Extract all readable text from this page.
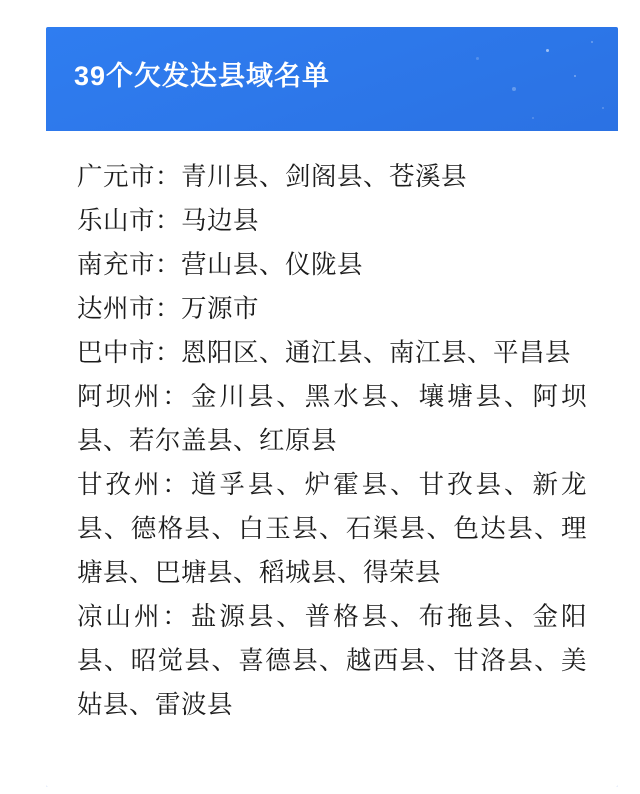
39个欠发达县域名单
广元市：青川县、剑阁县、苍溪县
乐山市：马边县
南充市：营山县、仪陇县
达州市：万源市
巴中市：恩阳区、通江县、南江县、平昌县
阿坝州：金川县、黑水县、壤塘县、阿坝县、若尔盖县、红原县
甘孜州：道孚县、炉霍县、甘孜县、新龙县、德格县、白玉县、石渠县、色达县、理塘县、巴塘县、稻城县、得荣县
凉山州：盐源县、普格县、布拖县、金阳县、昭觉县、喜德县、越西县、甘洛县、美姑县、雷波县
